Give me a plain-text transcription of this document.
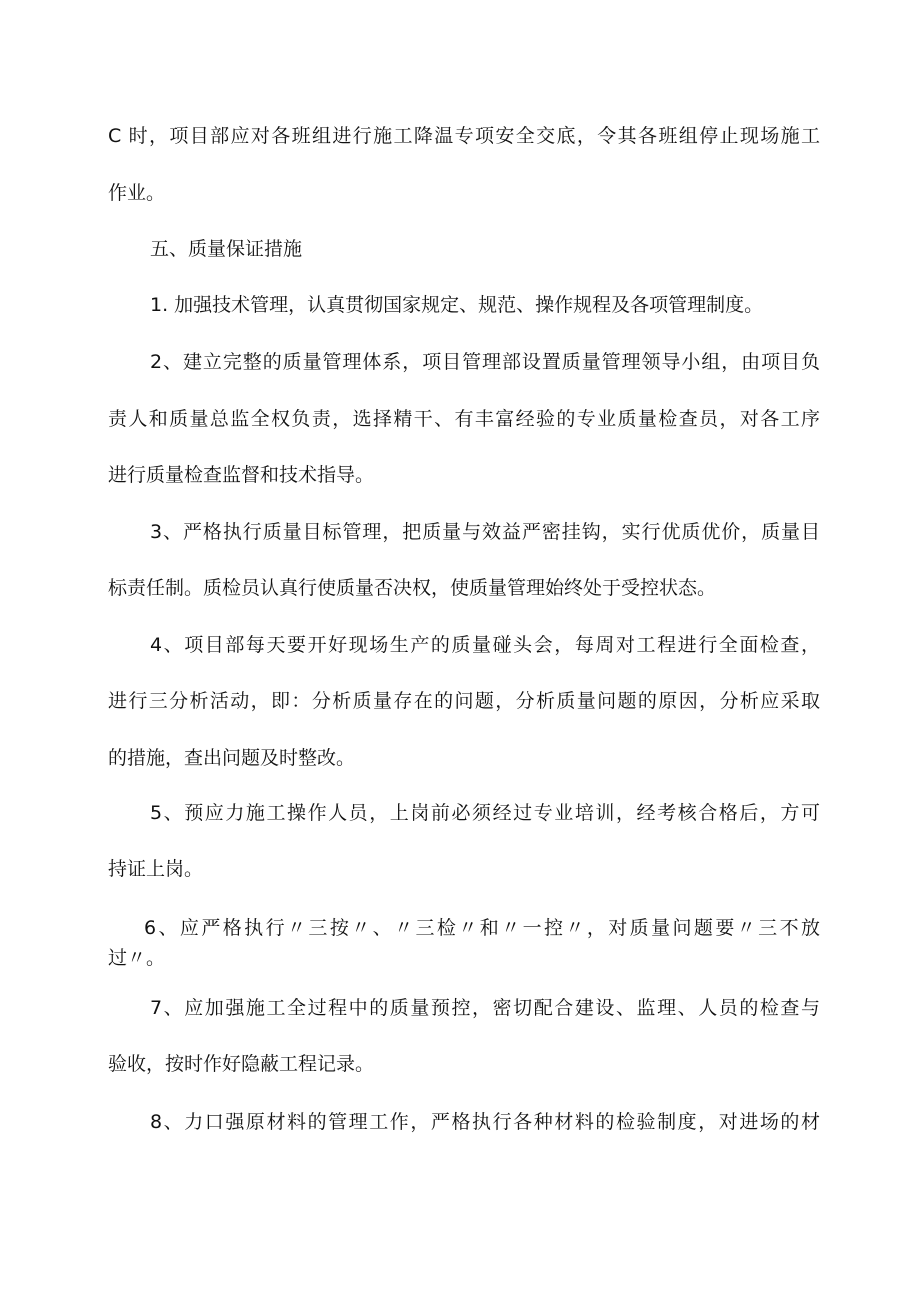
C 时，项目部应对各班组进行施工降温专项安全交底，令其各班组停止现场施工
作业。
五、质量保证措施
1. 加强技术管理，认真贯彻国家规定、规范、操作规程及各项管理制度。
2、建立完整的质量管理体系，项目管理部设置质量管理领导小组，由项目负
责人和质量总监全权负责，选择精干、有丰富经验的专业质量检查员，对各工序
进行质量检查监督和技术指导。
3、严格执行质量目标管理，把质量与效益严密挂钩，实行优质优价，质量目
标责任制。质检员认真行使质量否决权，使质量管理始终处于受控状态。
4、项目部每天要开好现场生产的质量碰头会，每周对工程进行全面检查，
进行三分析活动，即：分析质量存在的问题，分析质量问题的原因，分析应采取
的措施，查出问题及时整改。
5、预应力施工操作人员，上岗前必须经过专业培训，经考核合格后，方可
持证上岗。
6、应严格执行〃三按〃、〃三检〃和〃一控〃，对质量问题要〃三不放
过〃。
7、应加强施工全过程中的质量预控，密切配合建设、监理、人员的检查与
验收，按时作好隐蔽工程记录。
8、力口强原材料的管理工作，严格执行各种材料的检验制度，对进场的材
